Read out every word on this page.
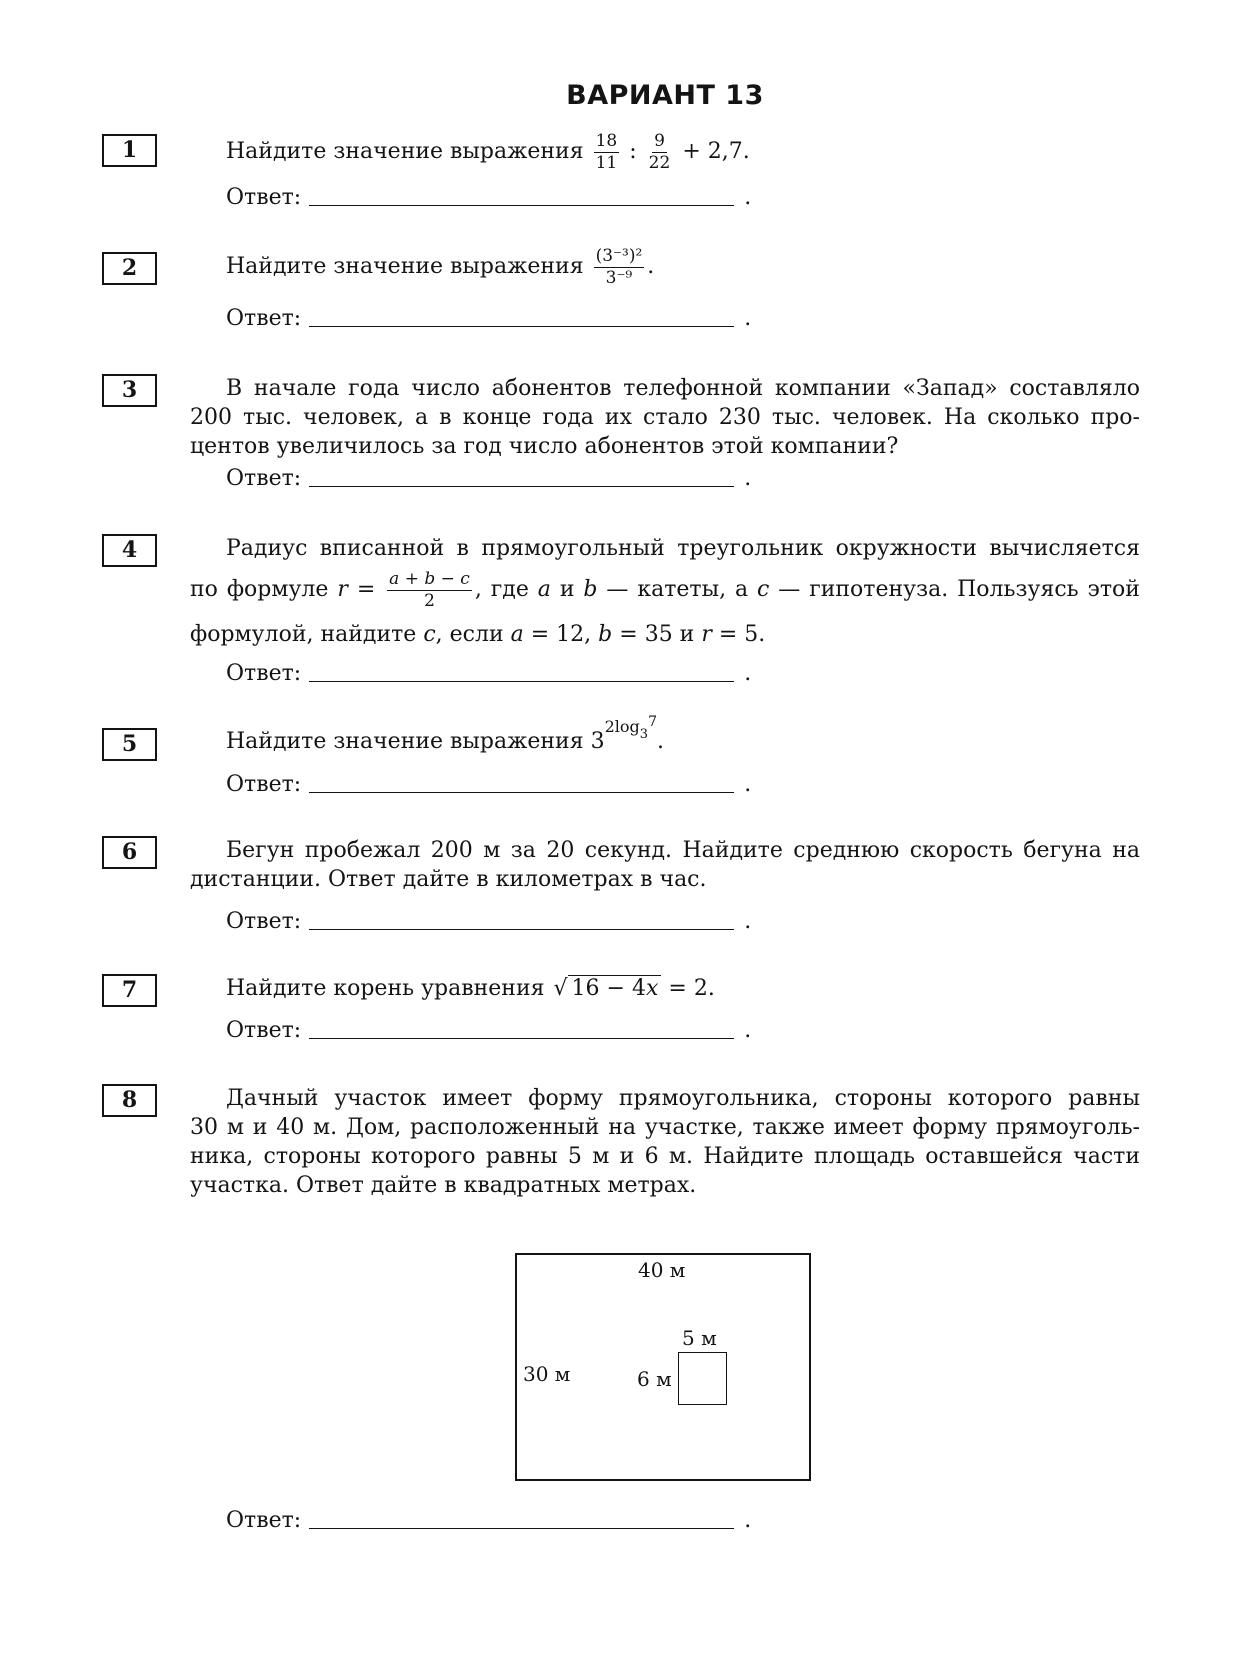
ВАРИАНТ 13
1	Найдите значение выражения $\frac{18}{11}$ : $\frac{9}{22} + 2,7$.
Ответ:	.
2	Найдите значение выражения $\frac{\text{(3⁻³)²}}{\text{3⁻⁹}}$ .
Ответ:	.
3	В начале года число абонентов телефонной компании «Запад» составляло
200 тыс. человек, а в конце года их стало 230 тыс. человек. На сколько про-
центов увеличилось за год число абонентов этой компании?
Ответ:	.
4	Радиус вписанной в прямоугольный треугольник окружности вычисляется
по формуле $r = \frac{a + b - c}{2}$ , где a и b — катеты, а c — гипотенуза. Пользуясь этой
формулой, найдите c, если a = 12, b = 35 и r = 5.
Ответ:	.
5	Найдите значение выражения $3^{2log_37}$.
Ответ:	.
6	Бегун пробежал 200 м за 20 секунд. Найдите среднюю скорость бегуна на
дистанции. Ответ дайте в километрах в час.
Ответ:	.
7	Найдите корень уравнения √ 16 − 4x = 2.
Ответ:	.
8	Дачный участок имеет форму прямоугольника, стороны которого равны
30 м и 40 м. Дом, расположенный на участке, также имеет форму прямоуголь-
ника, стороны которого равны 5 м и 6 м. Найдите площадь оставшейся части
участка. Ответ дайте в квадратных метрах.
40 м
30 м
5 м
6 м
Ответ:	.
